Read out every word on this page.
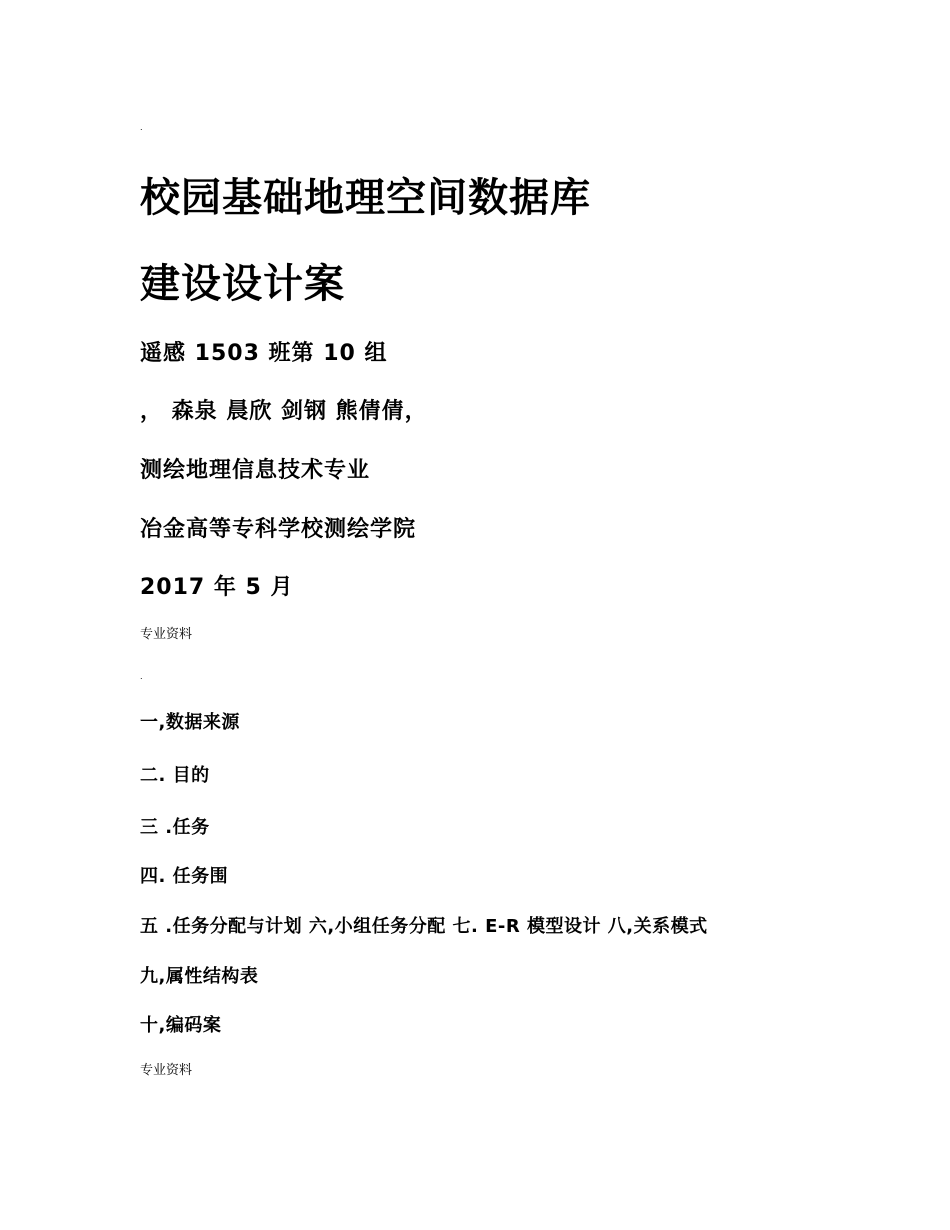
.
校园基础地理空间数据库
建设设计案
遥感 1503 班第 10 组
， 森泉 晨欣 剑钢 熊倩倩，
测绘地理信息技术专业
冶金高等专科学校测绘学院
2017 年 5 月
专业资料
.
一,数据来源
二. 目的
三 .任务
四. 任务围
五 .任务分配与计划 六,小组任务分配 七. E-R 模型设计 八,关系模式
九,属性结构表
十,编码案
专业资料
